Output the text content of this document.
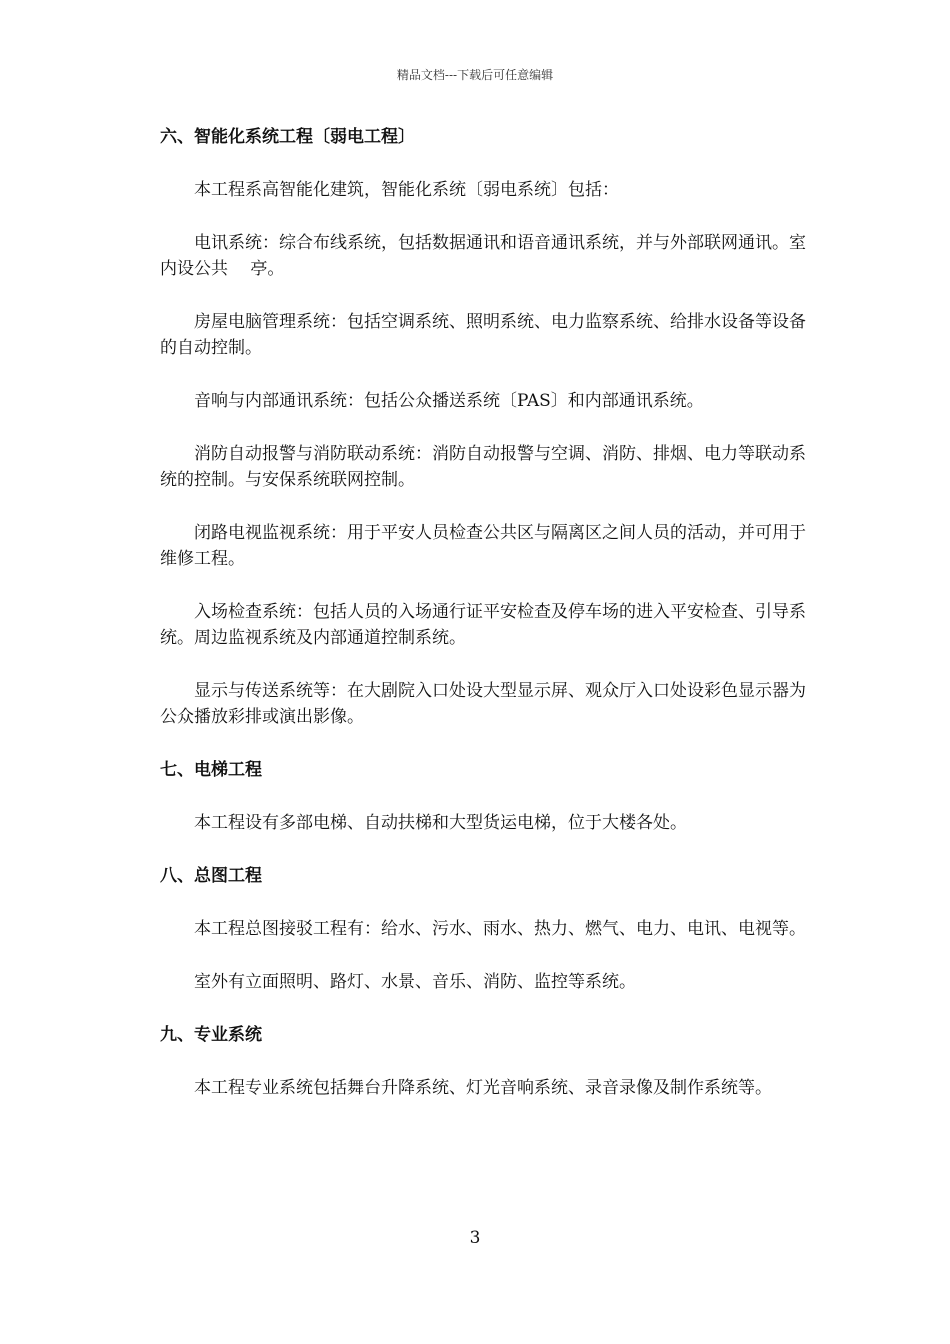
精品文档---下载后可任意编辑
六、智能化系统工程〔弱电工程〕
本工程系高智能化建筑，智能化系统〔弱电系统〕包括：
电讯系统：综合布线系统，包括数据通讯和语音通讯系统，并与外部联网通讯。室内设公共　 亭。
房屋电脑管理系统：包括空调系统、照明系统、电力监察系统、给排水设备等设备的自动控制。
音响与内部通讯系统：包括公众播送系统〔PAS〕和内部通讯系统。
消防自动报警与消防联动系统：消防自动报警与空调、消防、排烟、电力等联动系统的控制。与安保系统联网控制。
闭路电视监视系统：用于平安人员检查公共区与隔离区之间人员的活动，并可用于维修工程。
入场检查系统：包括人员的入场通行证平安检查及停车场的进入平安检查、引导系统。周边监视系统及内部通道控制系统。
显示与传送系统等：在大剧院入口处设大型显示屏、观众厅入口处设彩色显示器为公众播放彩排或演出影像。
七、电梯工程
本工程设有多部电梯、自动扶梯和大型货运电梯，位于大楼各处。
八、总图工程
本工程总图接驳工程有：给水、污水、雨水、热力、燃气、电力、电讯、电视等。
室外有立面照明、路灯、水景、音乐、消防、监控等系统。
九、专业系统
本工程专业系统包括舞台升降系统、灯光音响系统、录音录像及制作系统等。
3
